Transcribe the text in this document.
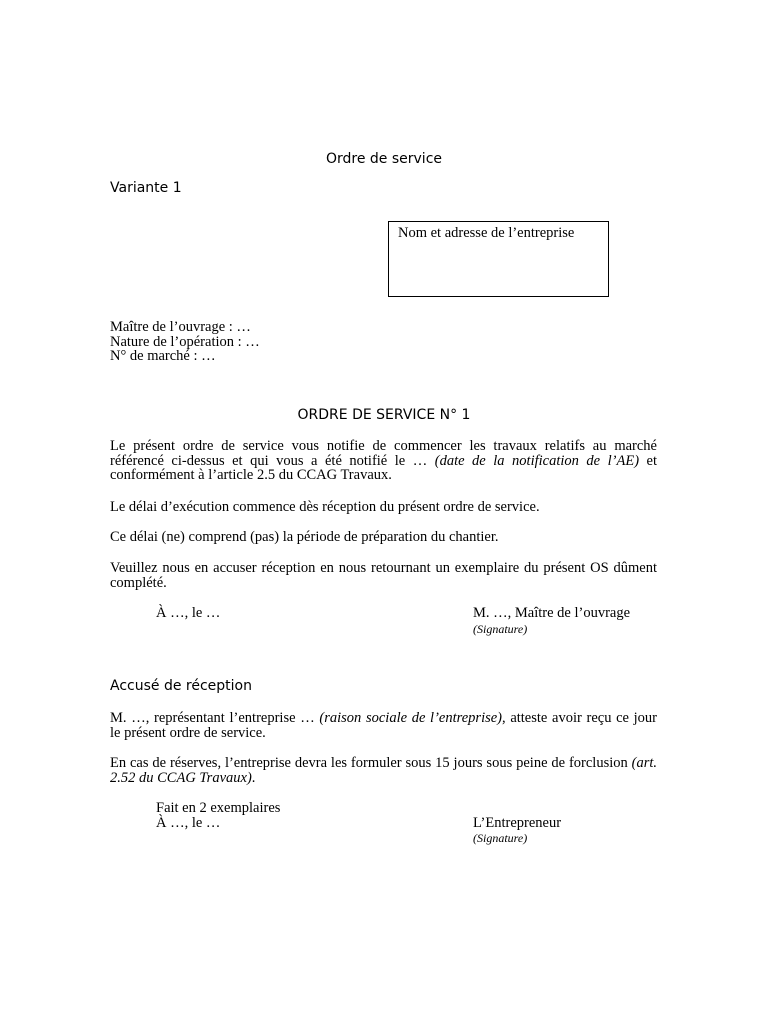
Ordre de service

Variante 1

Nom et adresse de l’entreprise
Maître de l’ouvrage : …
Nature de l’opération : …
N° de marché : …

ORDRE DE SERVICE N° 1

Le présent ordre de service vous notifie de commencer les travaux relatifs au marché référencé ci-dessus et qui vous a été notifié le … (date de la notification de l’AE) et conformément à l’article 2.5 du CCAG Travaux.

Le délai d’exécution commence dès réception du présent ordre de service.

Ce délai (ne) comprend (pas) la période de préparation du chantier.

Veuillez nous en accuser réception en nous retournant un exemplaire du présent OS dûment complété.

À …, le …	M. …, Maître de l’ouvrage

(Signature)

Accusé de réception

M. …, représentant l’entreprise … (raison sociale de l’entreprise), atteste avoir reçu ce jour le présent ordre de service.

En cas de réserves, l’entreprise devra les formuler sous 15 jours sous peine de forclusion (art. 2.52 du CCAG Travaux).

Fait en 2 exemplaires

À …, le …	L’Entrepreneur

(Signature)
